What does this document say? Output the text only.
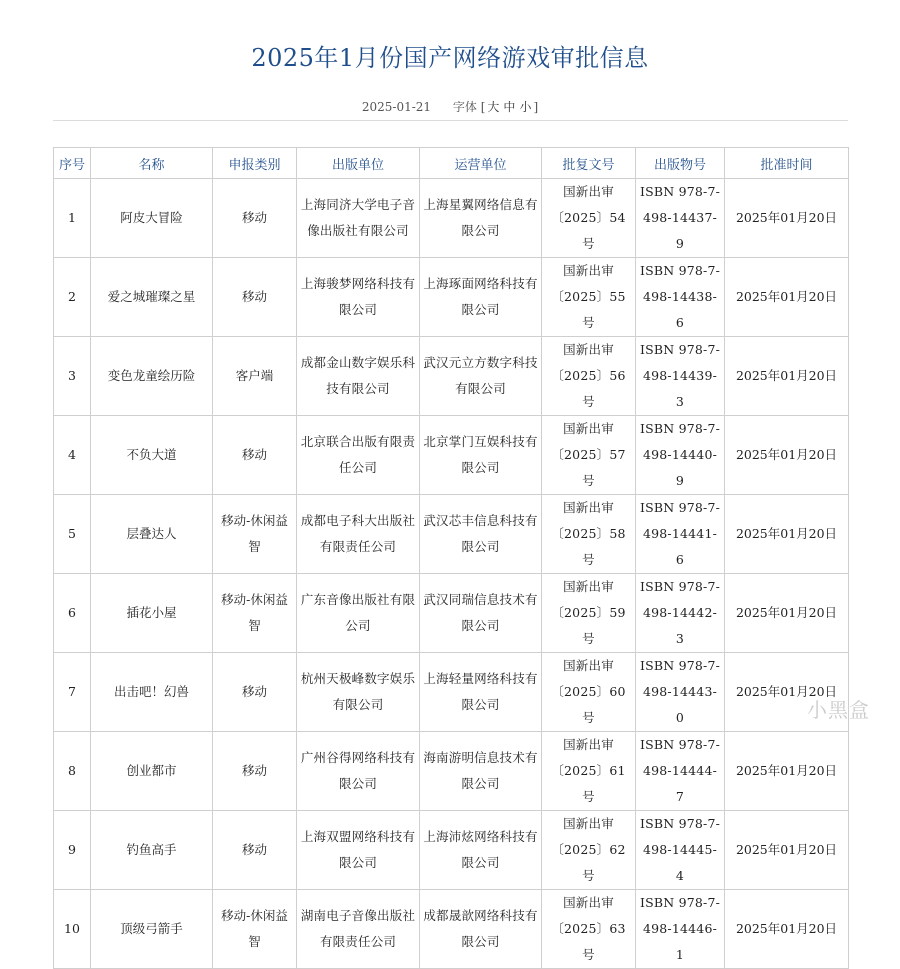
2025年1月份国产网络游戏审批信息
2025-01-21 字体 [ 大 中 小 ]
序号	名称	申报类别	出版单位	运营单位	批复文号	出版物号	批准时间
1	阿皮大冒险	移动	上海同济大学电子音像出版社有限公司	上海星翼网络信息有限公司	国新出审〔2025〕54号	ISBN 978-7-498-14437-9	2025年01月20日
2	爱之城璀璨之星	移动	上海骏梦网络科技有限公司	上海琢面网络科技有限公司	国新出审〔2025〕55号	ISBN 978-7-498-14438-6	2025年01月20日
3	变色龙童绘历险	客户端	成都金山数字娱乐科技有限公司	武汉元立方数字科技有限公司	国新出审〔2025〕56号	ISBN 978-7-498-14439-3	2025年01月20日
4	不负大道	移动	北京联合出版有限责任公司	北京掌门互娱科技有限公司	国新出审〔2025〕57号	ISBN 978-7-498-14440-9	2025年01月20日
5	层叠达人	移动-休闲益智	成都电子科大出版社有限责任公司	武汉芯丰信息科技有限公司	国新出审〔2025〕58号	ISBN 978-7-498-14441-6	2025年01月20日
6	插花小屋	移动-休闲益智	广东音像出版社有限公司	武汉同瑞信息技术有限公司	国新出审〔2025〕59号	ISBN 978-7-498-14442-3	2025年01月20日
7	出击吧！幻兽	移动	杭州天极峰数字娱乐有限公司	上海轻量网络科技有限公司	国新出审〔2025〕60号	ISBN 978-7-498-14443-0	2025年01月20日
8	创业都市	移动	广州谷得网络科技有限公司	海南游明信息技术有限公司	国新出审〔2025〕61号	ISBN 978-7-498-14444-7	2025年01月20日
9	钓鱼高手	移动	上海双盟网络科技有限公司	上海沛炫网络科技有限公司	国新出审〔2025〕62号	ISBN 978-7-498-14445-4	2025年01月20日
10	顶级弓箭手	移动-休闲益智	湖南电子音像出版社有限责任公司	成都晟歆网络科技有限公司	国新出审〔2025〕63号	ISBN 978-7-498-14446-1	2025年01月20日
小黑盒
